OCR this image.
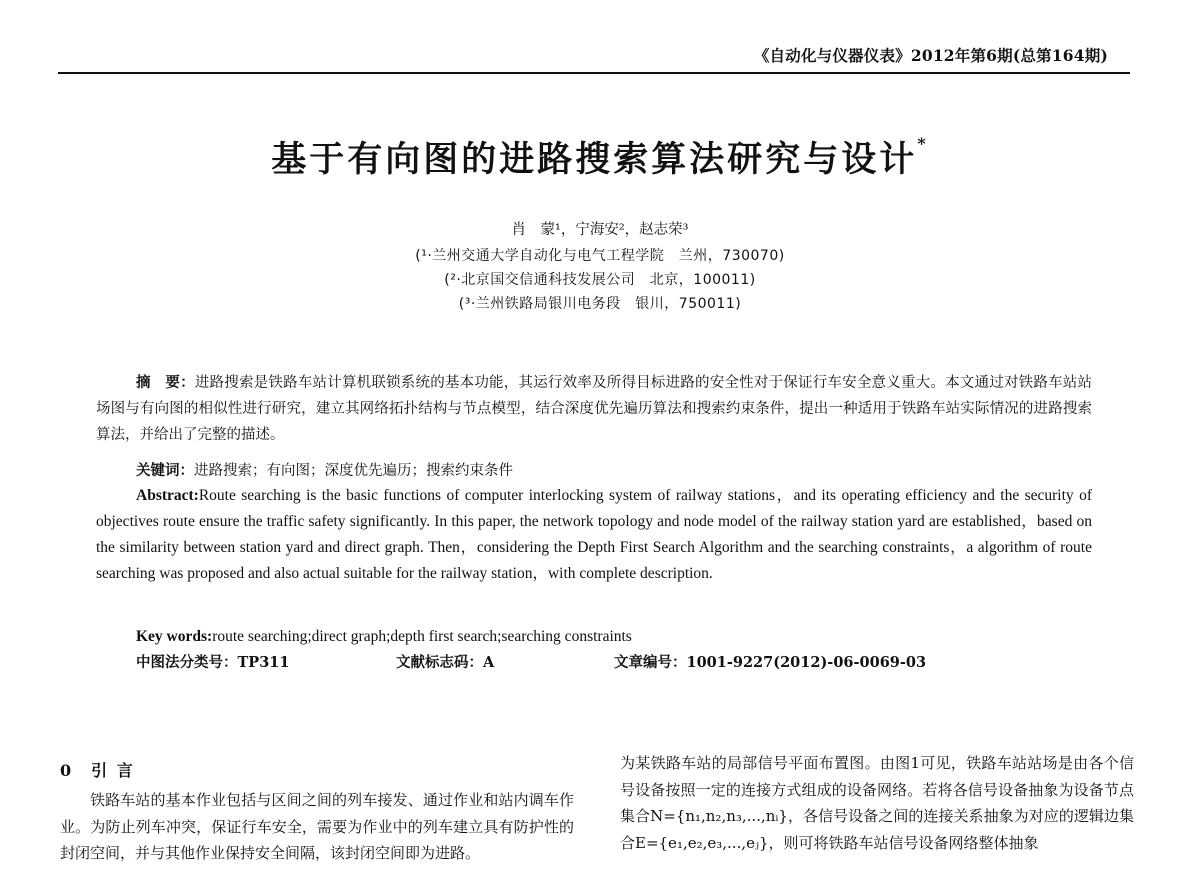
《自动化与仪器仪表》2012年第6期(总第164期)
基于有向图的进路搜索算法研究与设计*
肖　蒙¹，宁海安²，赵志荣³
(¹·兰州交通大学自动化与电气工程学院　兰州，730070)
(²·北京国交信通科技发展公司　北京，100011)
(³·兰州铁路局银川电务段　银川，750011)
摘　要：进路搜索是铁路车站计算机联锁系统的基本功能，其运行效率及所得目标进路的安全性对于保证行车安全意义重大。本文通过对铁路车站站场图与有向图的相似性进行研究，建立其网络拓扑结构与节点模型，结合深度优先遍历算法和搜索约束条件，提出一种适用于铁路车站实际情况的进路搜索算法，并给出了完整的描述。
关键词：进路搜索；有向图；深度优先遍历；搜索约束条件
Abstract:Route searching is the basic functions of computer interlocking system of railway stations，and its operating efficiency and the security of objectives route ensure the traffic safety significantly. In this paper, the network topology and node model of the railway station yard are established，based on the similarity between station yard and direct graph. Then，considering the Depth First Search Algorithm and the searching constraints，a algorithm of route searching was proposed and also actual suitable for the railway station，with complete description.
Key words:route searching;direct graph;depth first search;searching constraints
中图法分类号：TP311	文献标志码：A	文章编号：1001-9227(2012)-06-0069-03
0　引 言
铁路车站的基本作业包括与区间之间的列车接发、通过作业和站内调车作业。为防止列车冲突，保证行车安全，需要为作业中的列车建立具有防护性的封闭空间，并与其他作业保持安全间隔，该封闭空间即为进路。
为某铁路车站的局部信号平面布置图。由图1可见，铁路车站站场是由各个信号设备按照一定的连接方式组成的设备网络。若将各信号设备抽象为设备节点集合N={n₁,n₂,n₃,...,nᵢ}，各信号设备之间的连接关系抽象为对应的逻辑边集合E={e₁,e₂,e₃,...,eⱼ}，则可将铁路车站信号设备网络整体抽象
